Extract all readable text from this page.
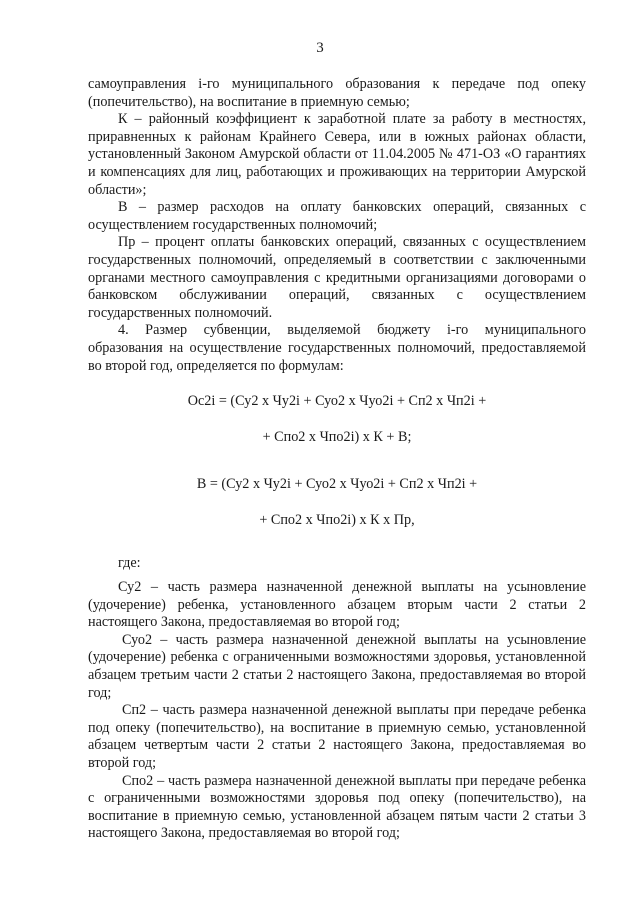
3

самоуправления i-го муниципального образования к передаче под опеку (попечительство), на воспитание в приемную семью;

К – районный коэффициент к заработной плате за работу в местностях, приравненных к районам Крайнего Севера, или в южных районах области, установленный Законом Амурской области от 11.04.2005 № 471-ОЗ «О гарантиях и компенсациях для лиц, работающих и проживающих на территории Амурской области»;

В – размер расходов на оплату банковских операций, связанных с осуществлением государственных полномочий;

Пр – процент оплаты банковских операций, связанных с осуществлением государственных полномочий, определяемый в соответствии с заключенными органами местного самоуправления с кредитными организациями договорами о банковском обслуживании операций, связанных с осуществлением государственных полномочий.

4. Размер субвенции, выделяемой бюджету i-го муниципального образования на осуществление государственных полномочий, предоставляемой во второй год, определяется по формулам:

Ос2i = (Су2 х Чу2i + Суо2 х Чуо2i + Сп2 х Чп2i +
+ Спо2 х Чпо2i) х К + В;
В = (Су2 х Чу2i + Суо2 х Чуо2i + Сп2 х Чп2i +
+ Спо2 х Чпо2i) х К х Пр,

где:

Су2 – часть размера назначенной денежной выплаты на усыновление (удочерение) ребенка, установленного абзацем вторым части 2 статьи 2 настоящего Закона, предоставляемая во второй год;

Суо2 – часть размера назначенной денежной выплаты на усыновление (удочерение) ребенка с ограниченными возможностями здоровья, установленной абзацем третьим части 2 статьи 2 настоящего Закона, предоставляемая во второй год;

Сп2 – часть размера назначенной денежной выплаты при передаче ребенка под опеку (попечительство), на воспитание в приемную семью, установленной абзацем четвертым части 2 статьи 2 настоящего Закона, предоставляемая во второй год;

Спо2 – часть размера назначенной денежной выплаты при передаче ребенка с ограниченными возможностями здоровья под опеку (попечительство), на воспитание в приемную семью, установленной абзацем пятым части 2 статьи 3 настоящего Закона, предоставляемая во второй год;
